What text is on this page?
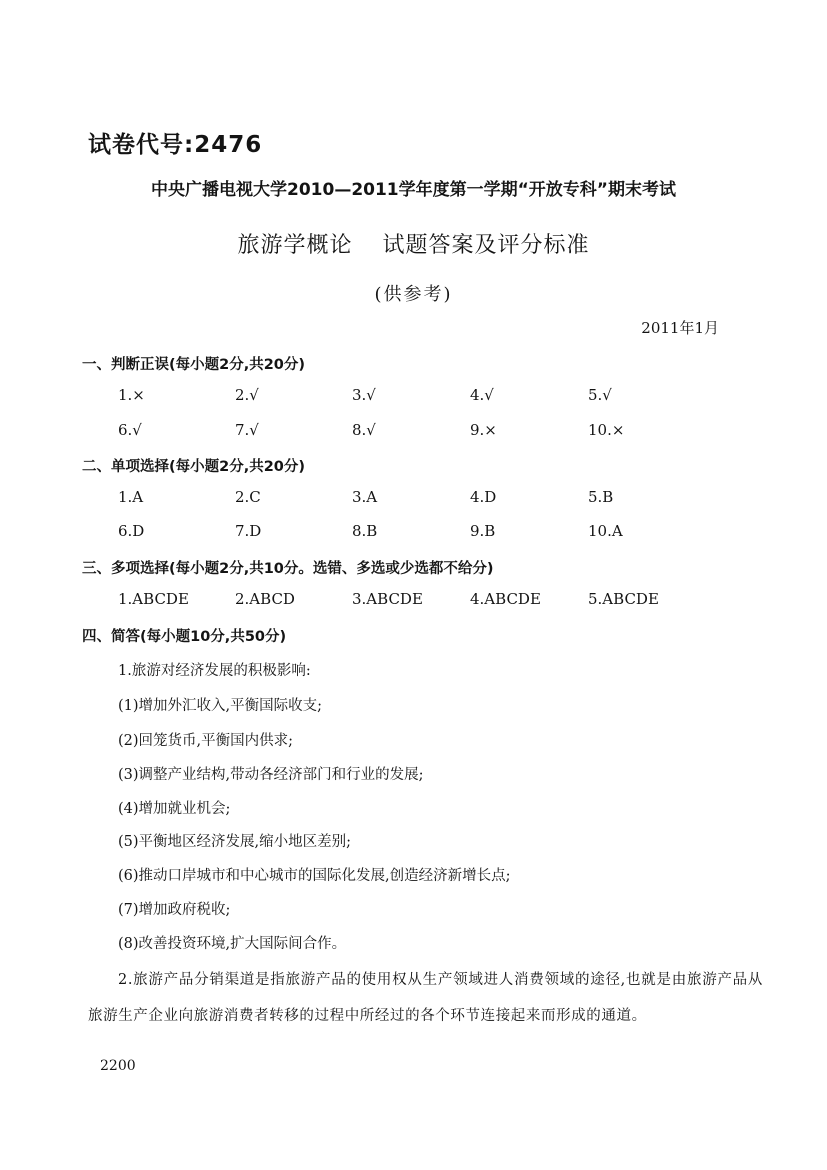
试卷代号:2476
中央广播电视大学2010—2011学年度第一学期“开放专科”期末考试
旅游学概论 试题答案及评分标准
(供参考)
2011年1月
一、判断正误(每小题2分,共20分)
1.×	2.√	3.√	4.√	5.√
6.√	7.√	8.√	9.×	10.×
二、单项选择(每小题2分,共20分)
1.A	2.C	3.A	4.D	5.B
6.D	7.D	8.B	9.B	10.A
三、多项选择(每小题2分,共10分。选错、多选或少选都不给分)
1.ABCDE	2.ABCD	3.ABCDE	4.ABCDE	5.ABCDE
四、简答(每小题10分,共50分)
1.旅游对经济发展的积极影响:
(1)增加外汇收入,平衡国际收支;
(2)回笼货币,平衡国内供求;
(3)调整产业结构,带动各经济部门和行业的发展;
(4)增加就业机会;
(5)平衡地区经济发展,缩小地区差别;
(6)推动口岸城市和中心城市的国际化发展,创造经济新增长点;
(7)增加政府税收;
(8)改善投资环境,扩大国际间合作。
2.旅游产品分销渠道是指旅游产品的使用权从生产领域进人消费领域的途径,也就是由旅游产品从旅游生产企业向旅游消费者转移的过程中所经过的各个环节连接起来而形成的通道。
2200
